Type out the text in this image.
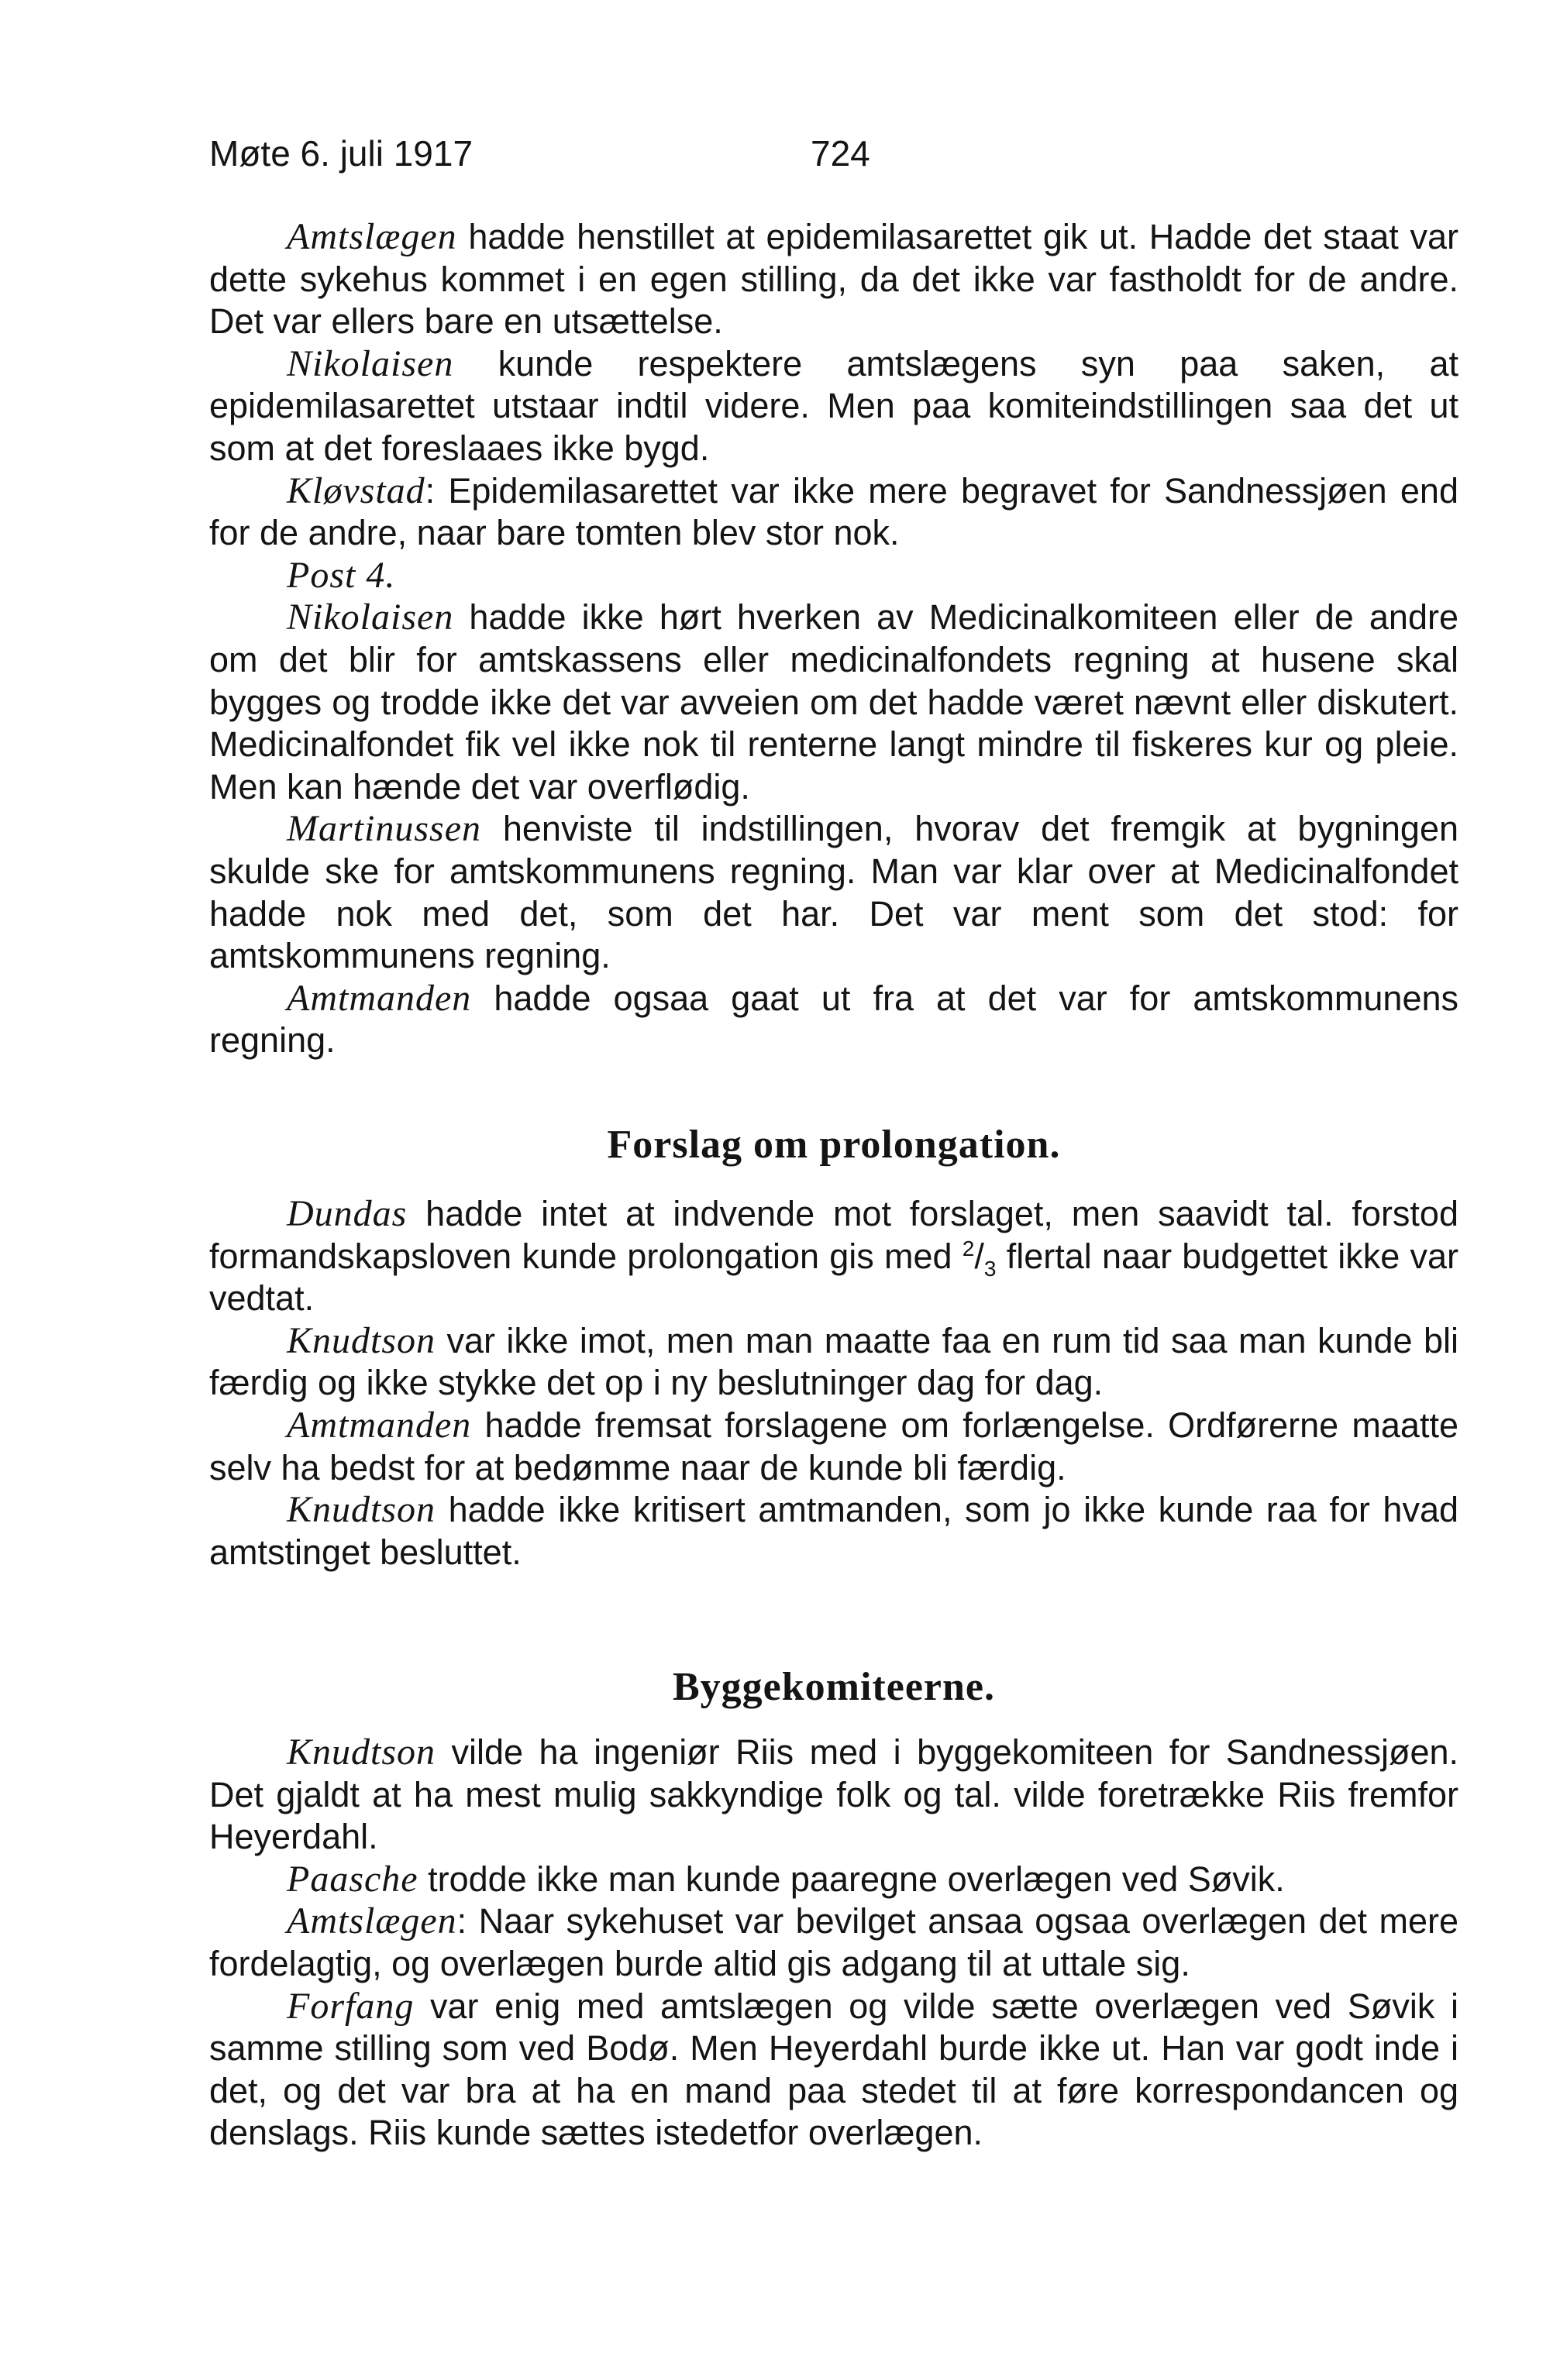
Møte 6. juli 1917	724

Amtslægen hadde henstillet at epidemilasarettet gik ut. Hadde det staat var dette sykehus kommet i en egen stilling, da det ikke var fastholdt for de andre. Det var ellers bare en utsættelse.

Nikolaisen kunde respektere amtslægens syn paa saken, at epidemilasarettet utstaar indtil videre. Men paa komiteindstillingen saa det ut som at det foreslaaes ikke bygd.

Kløvstad: Epidemilasarettet var ikke mere begravet for Sandnessjøen end for de andre, naar bare tomten blev stor nok.

Post 4.

Nikolaisen hadde ikke hørt hverken av Medicinalkomiteen eller de andre om det blir for amtskassens eller medicinalfondets regning at husene skal bygges og trodde ikke det var avveien om det hadde været nævnt eller diskutert. Medicinalfondet fik vel ikke nok til renterne langt mindre til fiskeres kur og pleie. Men kan hænde det var overflødig.

Martinussen henviste til indstillingen, hvorav det fremgik at bygningen skulde ske for amtskommunens regning. Man var klar over at Medicinalfondet hadde nok med det, som det har. Det var ment som det stod: for amtskommunens regning.

Amtmanden hadde ogsaa gaat ut fra at det var for amtskommunens regning.

Forslag om prolongation.

Dundas hadde intet at indvende mot forslaget, men saavidt tal. forstod formandskapsloven kunde prolongation gis med $^2/_3$ flertal naar budgettet ikke var vedtat.

Knudtson var ikke imot, men man maatte faa en rum tid saa man kunde bli færdig og ikke stykke det op i ny beslutninger dag for dag.

Amtmanden hadde fremsat forslagene om forlængelse. Ordførerne maatte selv ha bedst for at bedømme naar de kunde bli færdig.

Knudtson hadde ikke kritisert amtmanden, som jo ikke kunde raa for hvad amtstinget besluttet.

Byggekomiteerne.

Knudtson vilde ha ingeniør Riis med i byggekomiteen for Sandnessjøen. Det gjaldt at ha mest mulig sakkyndige folk og tal. vilde foretrække Riis fremfor Heyerdahl.

Paasche trodde ikke man kunde paaregne overlægen ved Søvik.

Amtslægen: Naar sykehuset var bevilget ansaa ogsaa overlægen det mere fordelagtig, og overlægen burde altid gis adgang til at uttale sig.

Forfang var enig med amtslægen og vilde sætte overlægen ved Søvik i samme stilling som ved Bodø. Men Heyerdahl burde ikke ut. Han var godt inde i det, og det var bra at ha en mand paa stedet til at føre korrespondancen og denslags. Riis kunde sættes istedetfor overlægen.
